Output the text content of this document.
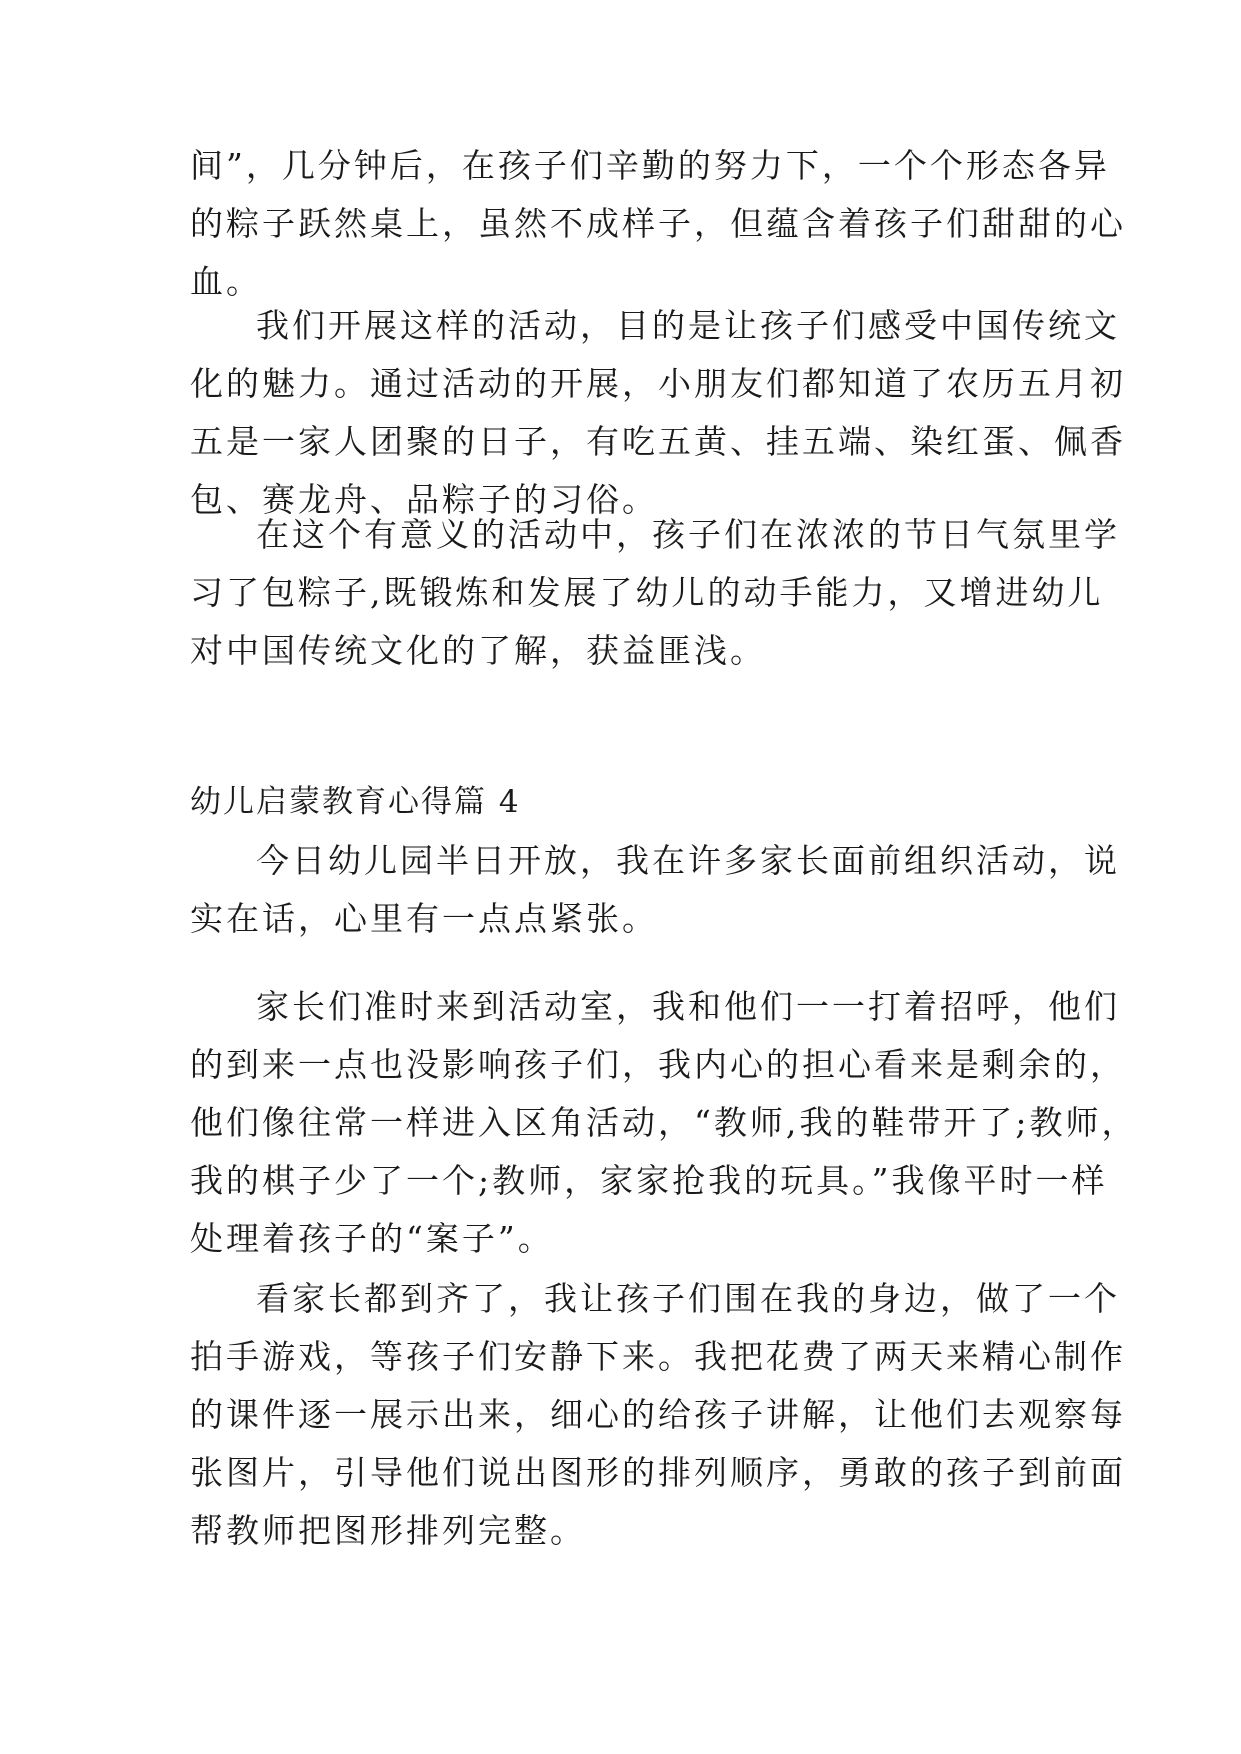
间”，几分钟后，在孩子们辛勤的努力下，一个个形态各异
的粽子跃然桌上，虽然不成样子，但蕴含着孩子们甜甜的心
血。
我们开展这样的活动，目的是让孩子们感受中国传统文
化的魅力。通过活动的开展，小朋友们都知道了农历五月初
五是一家人团聚的日子，有吃五黄、挂五端、染红蛋、佩香
包、赛龙舟、品粽子的习俗。
在这个有意义的活动中，孩子们在浓浓的节日气氛里学
习了包粽子,既锻炼和发展了幼儿的动手能力，又增进幼儿
对中国传统文化的了解，获益匪浅。
幼儿启蒙教育心得篇 4
今日幼儿园半日开放，我在许多家长面前组织活动，说
实在话，心里有一点点紧张。
家长们准时来到活动室，我和他们一一打着招呼，他们
的到来一点也没影响孩子们，我内心的担心看来是剩余的，
他们像往常一样进入区角活动，“教师,我的鞋带开了;教师，
我的棋子少了一个;教师，家家抢我的玩具。”我像平时一样
处理着孩子的“案子”。
看家长都到齐了，我让孩子们围在我的身边，做了一个
拍手游戏，等孩子们安静下来。我把花费了两天来精心制作
的课件逐一展示出来，细心的给孩子讲解，让他们去观察每
张图片，引导他们说出图形的排列顺序，勇敢的孩子到前面
帮教师把图形排列完整。
